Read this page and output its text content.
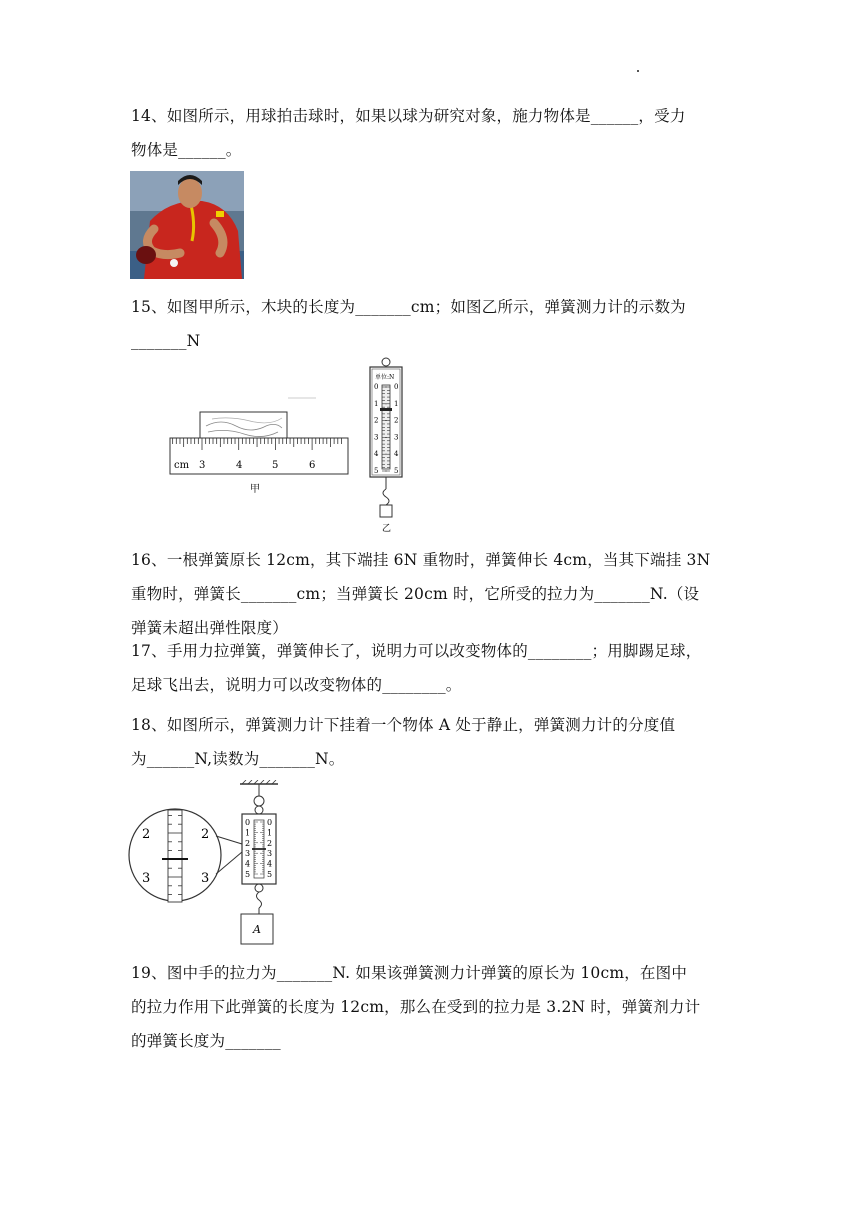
14、如图所示，用球拍击球时，如果以球为研究对象，施力物体是______，受力
物体是______。
15、如图甲所示，木块的长度为_______cm；如图乙所示，弹簧测力计的示数为
_______N
cm 3	4	5	6
甲
单位:N
0
1
2
3
4
5
0
1
2
3
4
5
乙
16、一根弹簧原长 12cm，其下端挂 6N 重物时，弹簧伸长 4cm，当其下端挂 3N
重物时，弹簧长_______cm；当弹簧长 20cm 时，它所受的拉力为_______N.（设
弹簧未超出弹性限度）
17、手用力拉弹簧，弹簧伸长了，说明力可以改变物体的________；用脚踢足球，
足球飞出去，说明力可以改变物体的________。
18、如图所示，弹簧测力计下挂着一个物体 A 处于静止，弹簧测力计的分度值
为______N,读数为_______N。
0
1
2
3
4
5
0
1
2
3
4
5
A
2
3
2
3
19、图中手的拉力为_______N. 如果该弹簧测力计弹簧的原长为 10cm，在图中
的拉力作用下此弹簧的长度为 12cm，那么在受到的拉力是 3.2N 时，弹簧剂力计
的弹簧长度为_______
